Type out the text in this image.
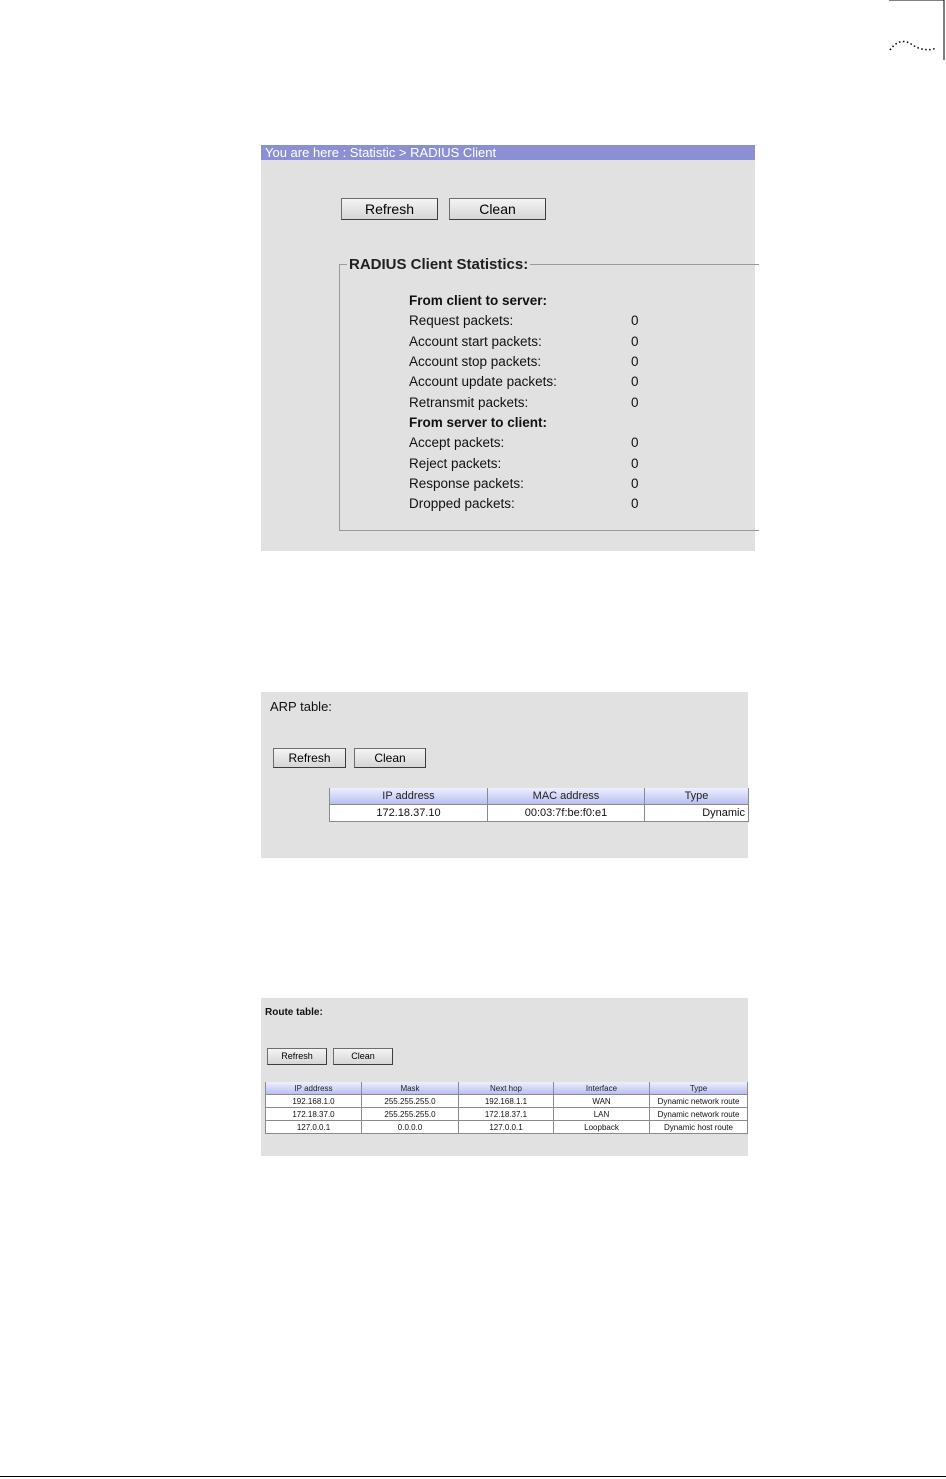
You are here : Statistic > RADIUS Client
Refresh	Clean
RADIUS Client Statistics:
From client to server:
Request packets:	0
Account start packets:	0
Account stop packets:	0
Account update packets:	0
Retransmit packets:	0
From server to client:
Accept packets:	0
Reject packets:	0
Response packets:	0
Dropped packets:	0
ARP table:
Refresh	Clean
IP address	MAC address	Type
172.18.37.10	00:03:7f:be:f0:e1	Dynamic
Route table:
Refresh	Clean
IP address	Mask	Next hop	Interface	Type
192.168.1.0	255.255.255.0	192.168.1.1	WAN	Dynamic network route
172.18.37.0	255.255.255.0	172.18.37.1	LAN	Dynamic network route
127.0.0.1	0.0.0.0	127.0.0.1	Loopback	Dynamic host route
